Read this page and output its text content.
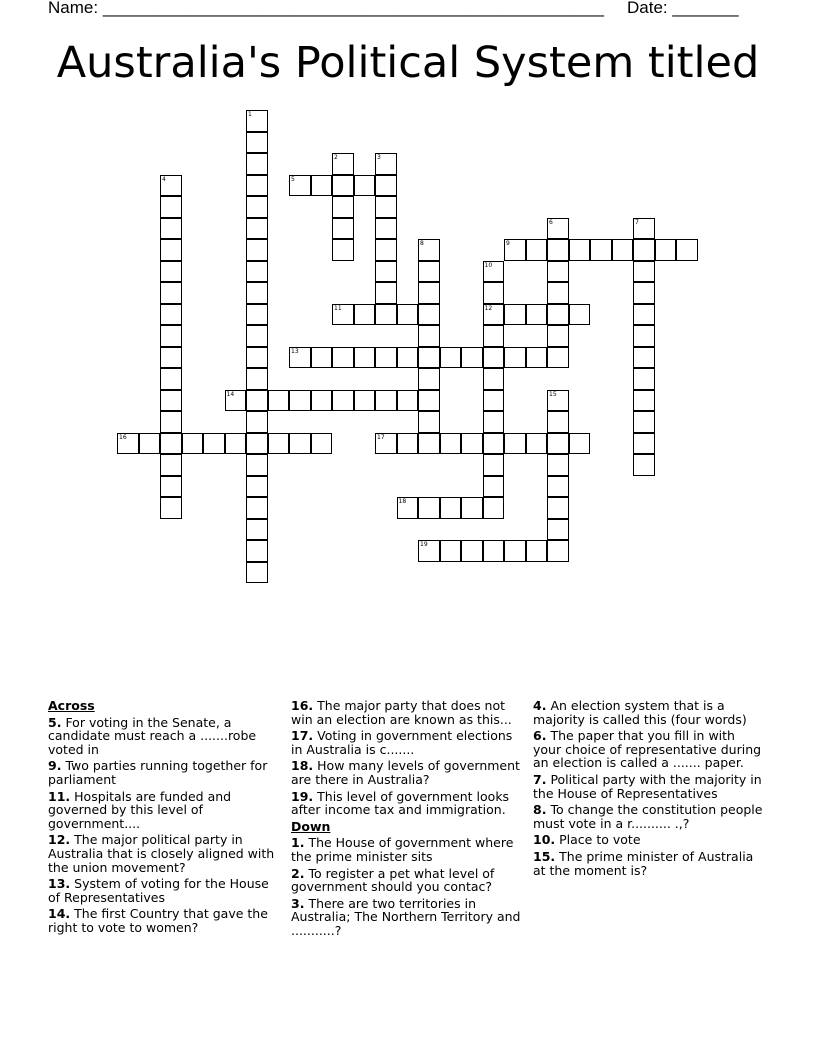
Name: _____________________________________________________ Date: _______
Australia's Political System titled
1
2	3
4	5
6	7
8	9
10
12
11
13
14	15
16	17
18
19
Across
5. For voting in the Senate, a candidate must reach a .......robe voted in
9. Two parties running together for parliament
11. Hospitals are funded and governed by this level of government....
12. The major political party in Australia that is closely aligned with the union movement?
13. System of voting for the House of Representatives
14. The first Country that gave the right to vote to women?
16. The major party that does not win an election are known as this...
17. Voting in government elections in Australia is c.......
18. How many levels of government are there in Australia?
19. This level of government looks after income tax and immigration.
Down
1. The House of government where the prime minister sits
2. To register a pet what level of government should you contac?
3. There are two territories in Australia; The Northern Territory and ...........?
4. An election system that is a majority is called this (four words)
6. The paper that you fill in with your choice of representative during an election is called a ....... paper.
7. Political party with the majority in the House of Representatives
8. To change the constitution people must vote in a r.......... .,?
10. Place to vote
15. The prime minister of Australia at the moment is?
